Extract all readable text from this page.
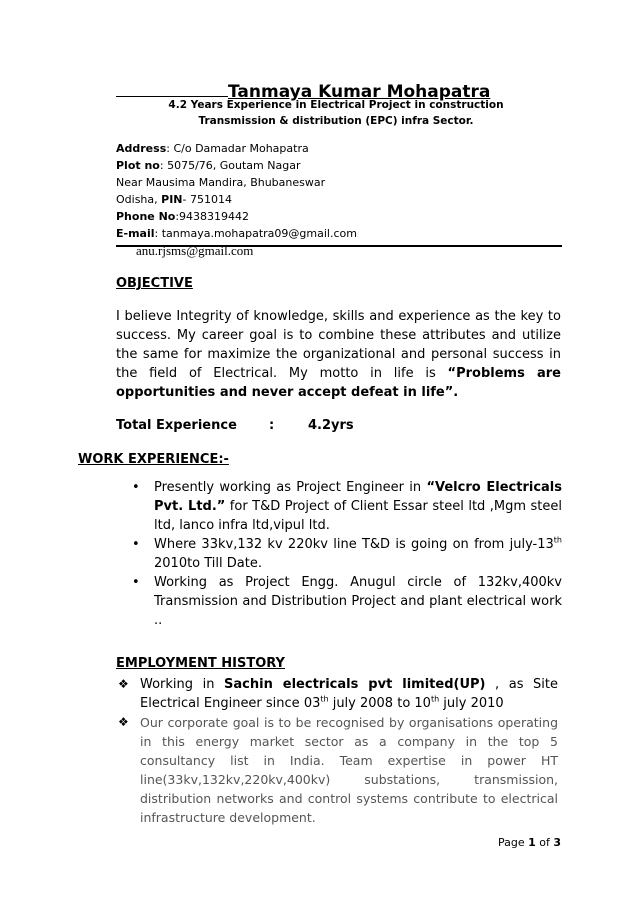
Tanmaya Kumar Mohapatra
4.2 Years Experience in Electrical Project in construction
Transmission & distribution (EPC) infra Sector.
Address: C/o Damadar Mohapatra
Plot no: 5075/76, Goutam Nagar
Near Mausima Mandira, Bhubaneswar
Odisha, PIN- 751014
Phone No:9438319442
E-mail: tanmaya.mohapatra09@gmail.com
anu.rjsms@gmail.com
OBJECTIVE
I believe Integrity of knowledge, skills and experience as the key to success. My career goal is to combine these attributes and utilize the same for maximize the organizational and personal success in the field of Electrical. My motto in life is “Problems are opportunities and never accept defeat in life”.
Total Experience :	4.2yrs
WORK EXPERIENCE:-
• Presently working as Project Engineer in “Velcro Electricals Pvt. Ltd.” for T&D Project of Client Essar steel ltd ,Mgm steel ltd, lanco infra ltd,vipul ltd.
• Where 33kv,132 kv 220kv line T&D is going on from july-13th 2010to Till Date.
• Working as Project Engg. Anugul circle of 132kv,400kv Transmission and Distribution Project and plant electrical work ..
EMPLOYMENT HISTORY
❖ Working in Sachin electricals pvt limited(UP) , as Site Electrical Engineer since 03th july 2008 to 10th july 2010
❖ Our corporate goal is to be recognised by organisations operating in this energy market sector as a company in the top 5 consultancy list in India. Team expertise in power HT line(33kv,132kv,220kv,400kv) substations, transmission, distribution networks and control systems contribute to electrical infrastructure development.
Page 1 of 3
